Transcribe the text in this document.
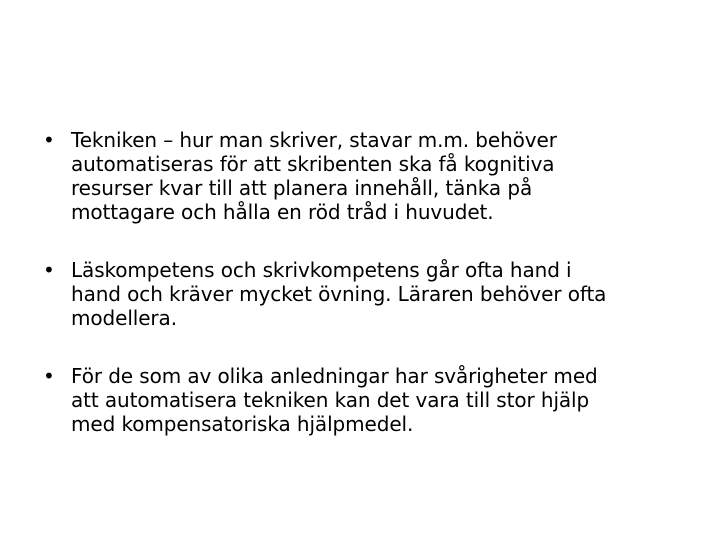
• Tekniken – hur man skriver, stavar m.m. behöver
automatiseras för att skribenten ska få kognitiva
resurser kvar till att planera innehåll, tänka på
mottagare och hålla en röd tråd i huvudet.
• Läskompetens och skrivkompetens går ofta hand i
hand och kräver mycket övning. Läraren behöver ofta
modellera.
• För de som av olika anledningar har svårigheter med
att automatisera tekniken kan det vara till stor hjälp
med kompensatoriska hjälpmedel.
